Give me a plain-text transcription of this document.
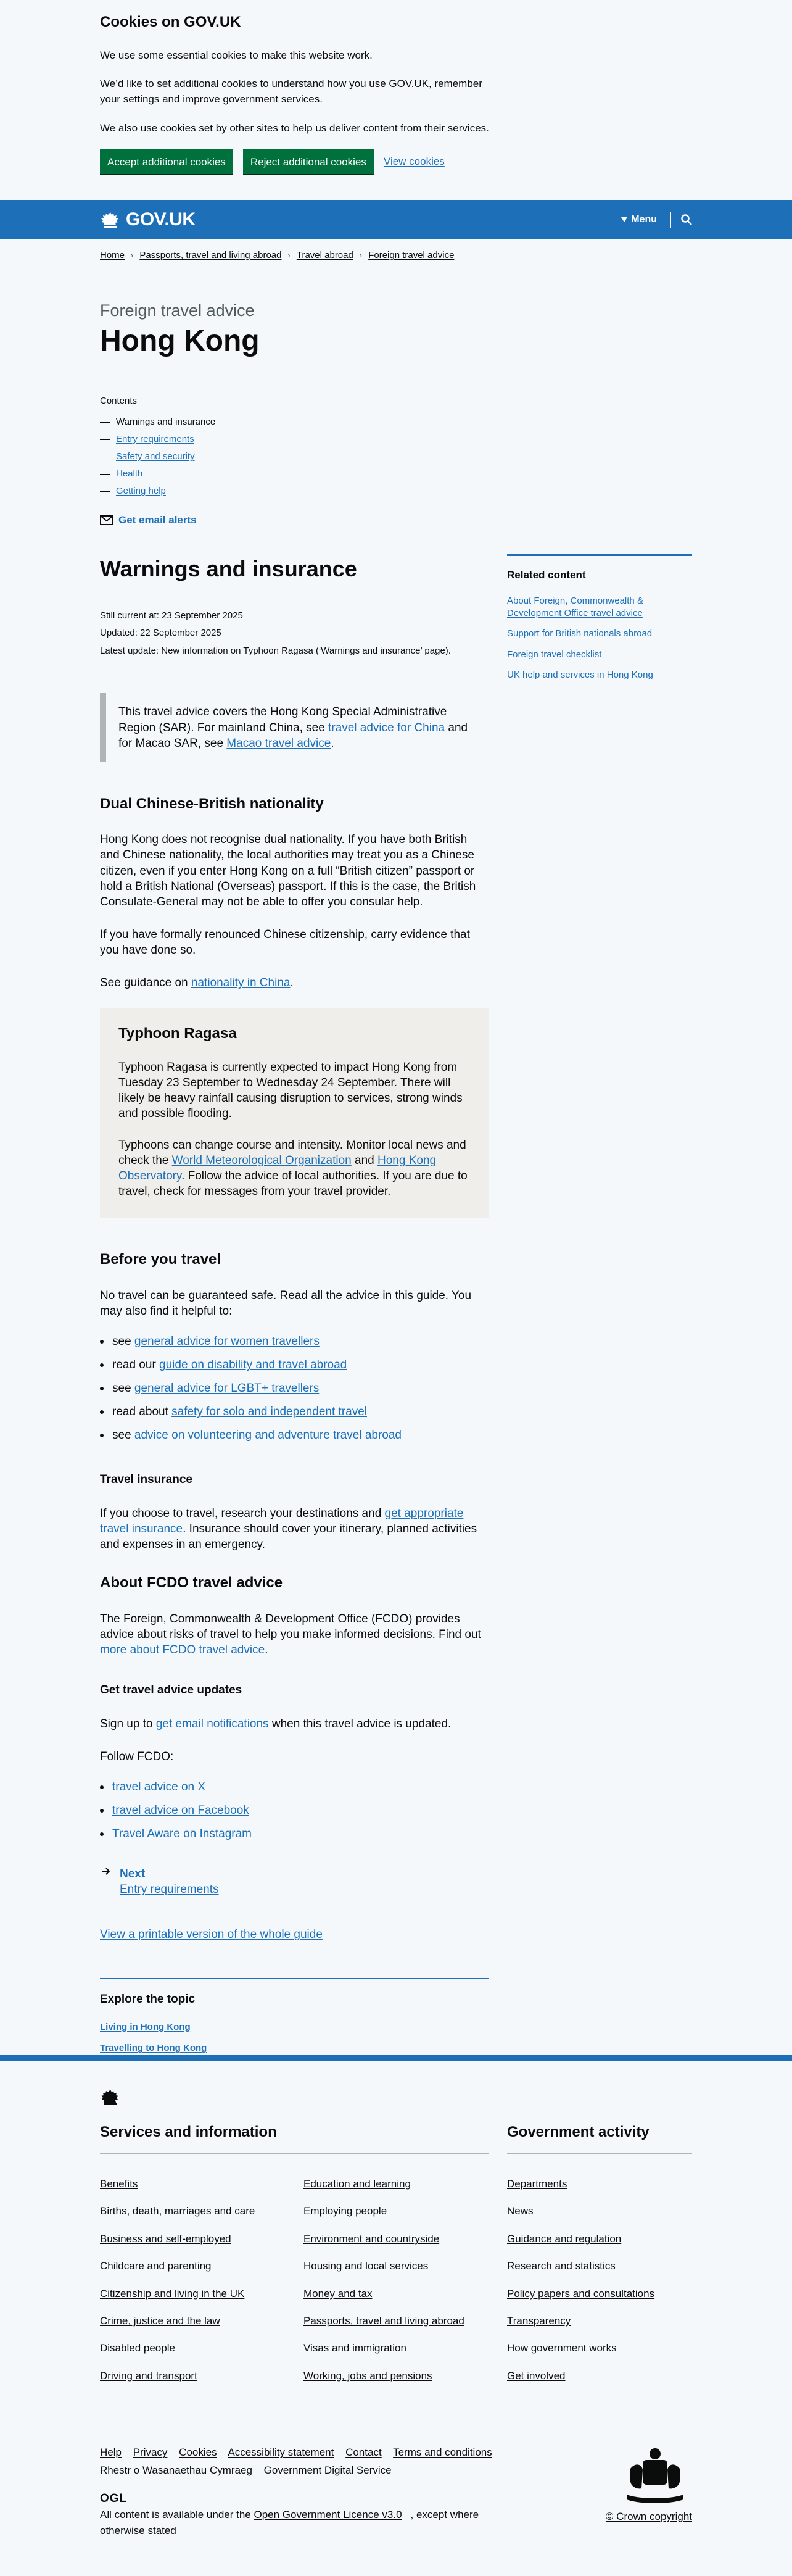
Cookies on GOV.UK

We use some essential cookies to make this website work.

We’d like to set additional cookies to understand how you use GOV.UK, remember your settings and improve government services.

We also use cookies set by other sites to help us deliver content from their services.

Accept additional cookies	Reject additional cookies	View cookies
GOV.UK	Menu
Home › Passports, travel and living abroad › Travel abroad › Foreign travel advice
Foreign travel advice
Hong Kong
Contents
Warnings and insurance
Entry requirements
Safety and security
Health
Getting help
Get email alerts
Related content
About Foreign, Commonwealth & Development Office travel advice
Support for British nationals abroad
Foreign travel checklist
UK help and services in Hong Kong
Warnings and insurance
Still current at: 23 September 2025
Updated: 22 September 2025
Latest update: New information on Typhoon Ragasa (‘Warnings and insurance’ page).
This travel advice covers the Hong Kong Special Administrative Region (SAR). For mainland China, see travel advice for China and for Macao SAR, see Macao travel advice.
Dual Chinese-British nationality

Hong Kong does not recognise dual nationality. If you have both British and Chinese nationality, the local authorities may treat you as a Chinese citizen, even if you enter Hong Kong on a full “British citizen” passport or hold a British National (Overseas) passport. If this is the case, the British Consulate-General may not be able to offer you consular help.

If you have formally renounced Chinese citizenship, carry evidence that you have done so.

See guidance on nationality in China.

Typhoon Ragasa

Typhoon Ragasa is currently expected to impact Hong Kong from Tuesday 23 September to Wednesday 24 September. There will likely be heavy rainfall causing disruption to services, strong winds and possible flooding.

Typhoons can change course and intensity. Monitor local news and check the World Meteorological Organization and Hong Kong Observatory. Follow the advice of local authorities. If you are due to travel, check for messages from your travel provider.

Before you travel

No travel can be guaranteed safe. Read all the advice in this guide. You may also find it helpful to:

see general advice for women travellers
read our guide on disability and travel abroad
see general advice for LGBT+ travellers
read about safety for solo and independent travel
see advice on volunteering and adventure travel abroad
Travel insurance

If you choose to travel, research your destinations and get appropriate travel insurance. Insurance should cover your itinerary, planned activities and expenses in an emergency.

About FCDO travel advice

The Foreign, Commonwealth & Development Office (FCDO) provides advice about risks of travel to help you make informed decisions. Find out more about FCDO travel advice.

Get travel advice updates

Sign up to get email notifications when this travel advice is updated.

Follow FCDO:

travel advice on X
travel advice on Facebook
Travel Aware on Instagram
Next
Entry requirements
View a printable version of the whole guide
Explore the topic
Living in Hong Kong
Travelling to Hong Kong
Services and information
Benefits	Education and learning
Births, death, marriages and care	Employing people
Business and self-employed	Environment and countryside
Childcare and parenting	Housing and local services
Citizenship and living in the UK	Money and tax
Crime, justice and the law	Passports, travel and living abroad
Disabled people	Visas and immigration
Driving and transport	Working, jobs and pensions
Government activity
Departments
News
Guidance and regulation
Research and statistics
Policy papers and consultations
Transparency
How government works
Get involved
Help Privacy Cookies Accessibility statement Contact Terms and conditions
Rhestr o Wasanaethau Cymraeg Government Digital Service
OGL
All content is available under the Open Government Licence v3.0 , except where otherwise stated
© Crown copyright
